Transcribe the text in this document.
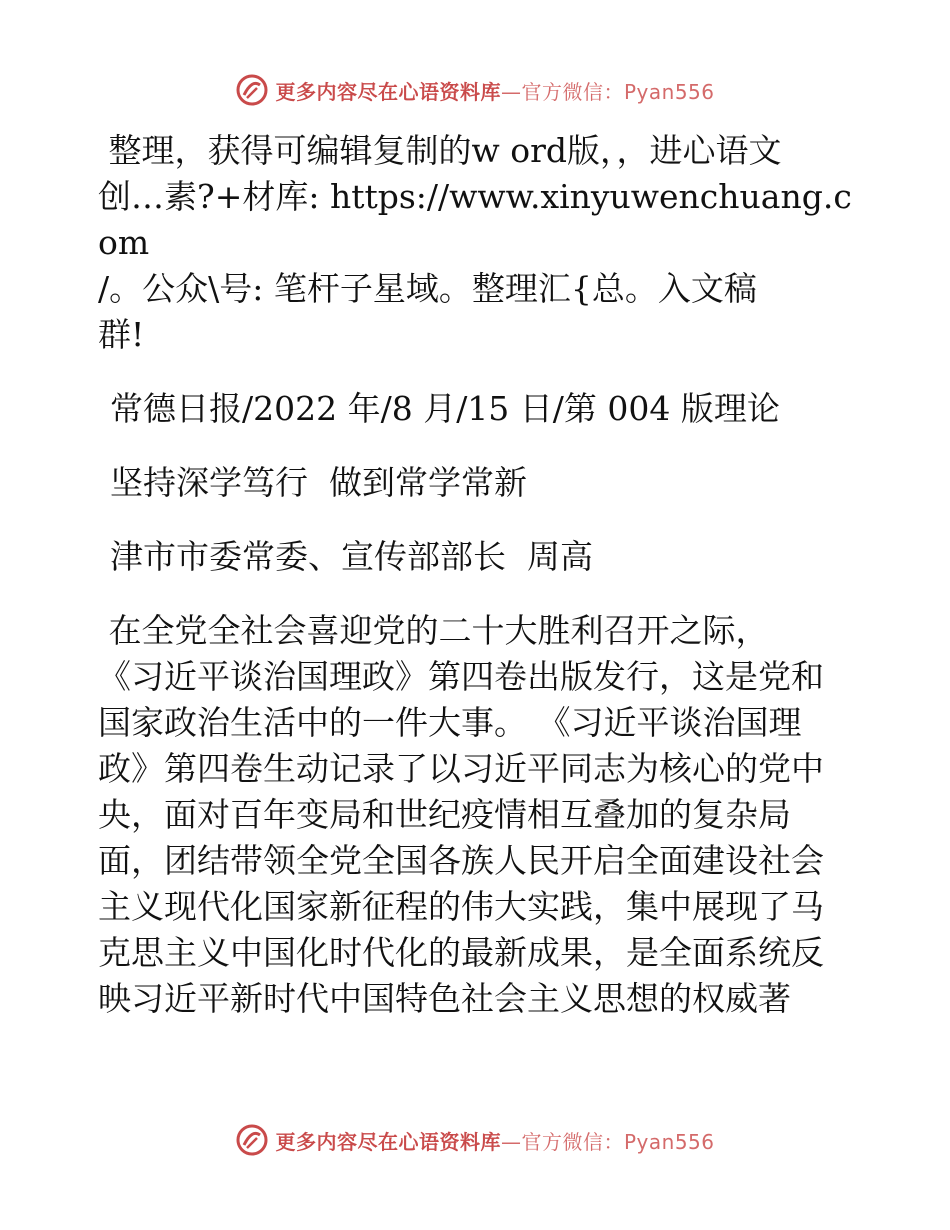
更多内容尽在心语资料库—官方微信：Pyan556

整理，获得可编辑复制的w ord版，，进心语文

创…素?+材库: https://www.xinyuwenchuang.com

/。公众\号: 笔杆子星域。整理汇{总。入文稿

群!

常德日报/2022 年/8 月/15 日/第 004 版理论

坚持深学笃行  做到常学常新

津市市委常委、宣传部部长  周高

在全党全社会喜迎党的二十大胜利召开之际，

《习近平谈治国理政》第四卷出版发行，这是党和

国家政治生活中的一件大事。 《习近平谈治国理

政》第四卷生动记录了以习近平同志为核心的党中

央，面对百年变局和世纪疫情相互叠加的复杂局

面，团结带领全党全国各族人民开启全面建设社会

主义现代化国家新征程的伟大实践，集中展现了马

克思主义中国化时代化的最新成果，是全面系统反

映习近平新时代中国特色社会主义思想的权威著

更多内容尽在心语资料库—官方微信：Pyan556
